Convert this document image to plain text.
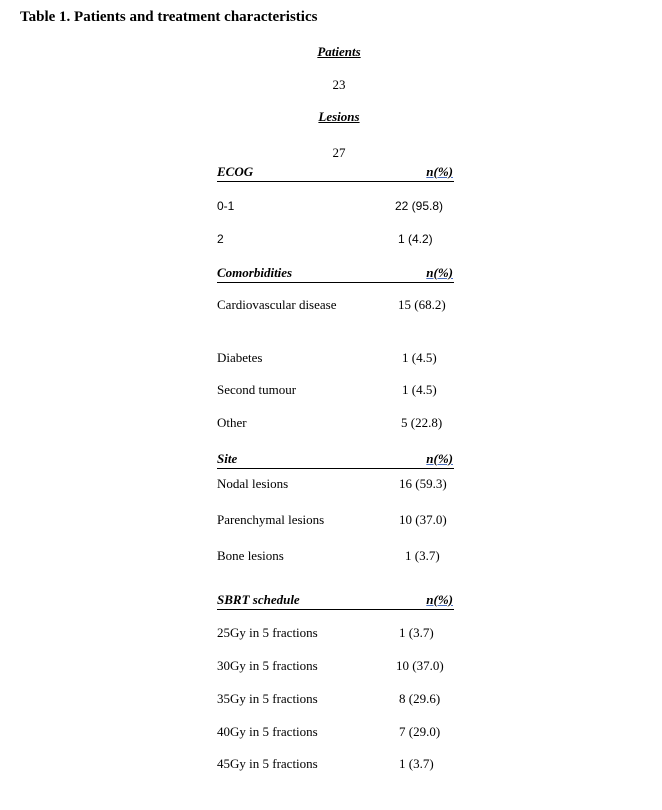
Table 1. Patients and treatment characteristics
Patients
23
Lesions
27
ECOG	n(%)
0-1	22 (95.8)
2	1 (4.2)
Comorbidities	n(%)
Cardiovascular disease	15 (68.2)
Diabetes	1 (4.5)
Second tumour	1 (4.5)
Other	5 (22.8)
Site	n(%)
Nodal lesions	16 (59.3)
Parenchymal lesions	10 (37.0)
Bone lesions	1 (3.7)
SBRT schedule	n(%)
25Gy in 5 fractions	1 (3.7)
30Gy in 5 fractions	10 (37.0)
35Gy in 5 fractions	8 (29.6)
40Gy in 5 fractions	7 (29.0)
45Gy in 5 fractions	1 (3.7)
